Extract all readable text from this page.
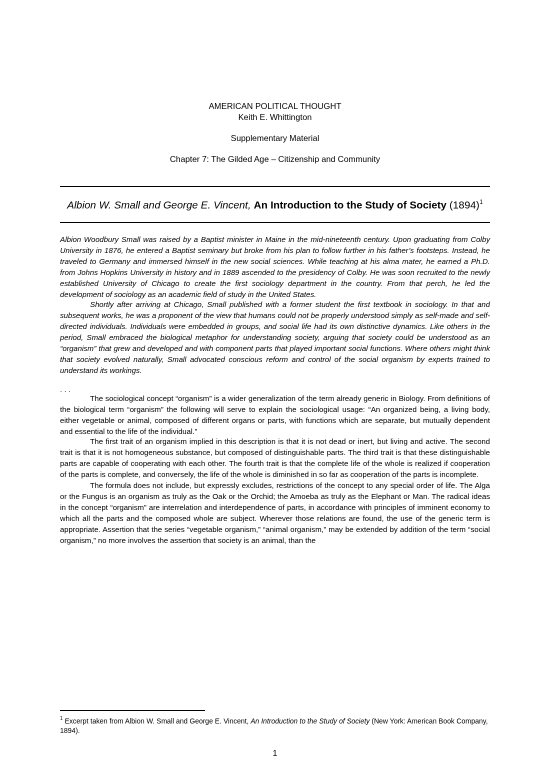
AMERICAN POLITICAL THOUGHT
Keith E. Whittington
Supplementary Material
Chapter 7: The Gilded Age – Citizenship and Community
Albion W. Small and George E. Vincent, An Introduction to the Study of Society $(1894)^1$

Albion Woodbury Small was raised by a Baptist minister in Maine in the mid-nineteenth century. Upon graduating from Colby University in 1876, he entered a Baptist seminary but broke from his plan to follow further in his father’s footsteps. Instead, he traveled to Germany and immersed himself in the new social sciences. While teaching at his alma mater, he earned a Ph.D. from Johns Hopkins University in history and in 1889 ascended to the presidency of Colby. He was soon recruited to the newly established University of Chicago to create the first sociology department in the country. From that perch, he led the development of sociology as an academic field of study in the United States.

Shortly after arriving at Chicago, Small published with a former student the first textbook in sociology. In that and subsequent works, he was a proponent of the view that humans could not be properly understood simply as self-made and self-directed individuals. Individuals were embedded in groups, and social life had its own distinctive dynamics. Like others in the period, Small embraced the biological metaphor for understanding society, arguing that society could be understood as an “organism” that grew and developed and with component parts that played important social functions. Where others might think that society evolved naturally, Small advocated conscious reform and control of the social organism by experts trained to understand its workings.

. . .

The sociological concept “organism” is a wider generalization of the term already generic in Biology. From definitions of the biological term “organism” the following will serve to explain the sociological usage: “An organized being, a living body, either vegetable or animal, composed of different organs or parts, with functions which are separate, but mutually dependent and essential to the life of the individual.”

The first trait of an organism implied in this description is that it is not dead or inert, but living and active. The second trait is that it is not homogeneous substance, but composed of distinguishable parts. The third trait is that these distinguishable parts are capable of cooperating with each other. The fourth trait is that the complete life of the whole is realized if cooperation of the parts is complete, and conversely, the life of the whole is diminished in so far as cooperation of the parts is incomplete.

The formula does not include, but expressly excludes, restrictions of the concept to any special order of life. The Alga or the Fungus is an organism as truly as the Oak or the Orchid; the Amoeba as truly as the Elephant or Man. The radical ideas in the concept “organism” are interrelation and interdependence of parts, in accordance with principles of imminent economy to which all the parts and the composed whole are subject. Wherever those relations are found, the use of the generic term is appropriate. Assertion that the series “vegetable organism,” “animal organism,” may be extended by addition of the term “social organism,” no more involves the assertion that society is an animal, than the

$^1$ Excerpt taken from Albion W. Small and George E. Vincent, An Introduction to the Study of Society (New York: American Book Company, 1894).
1
